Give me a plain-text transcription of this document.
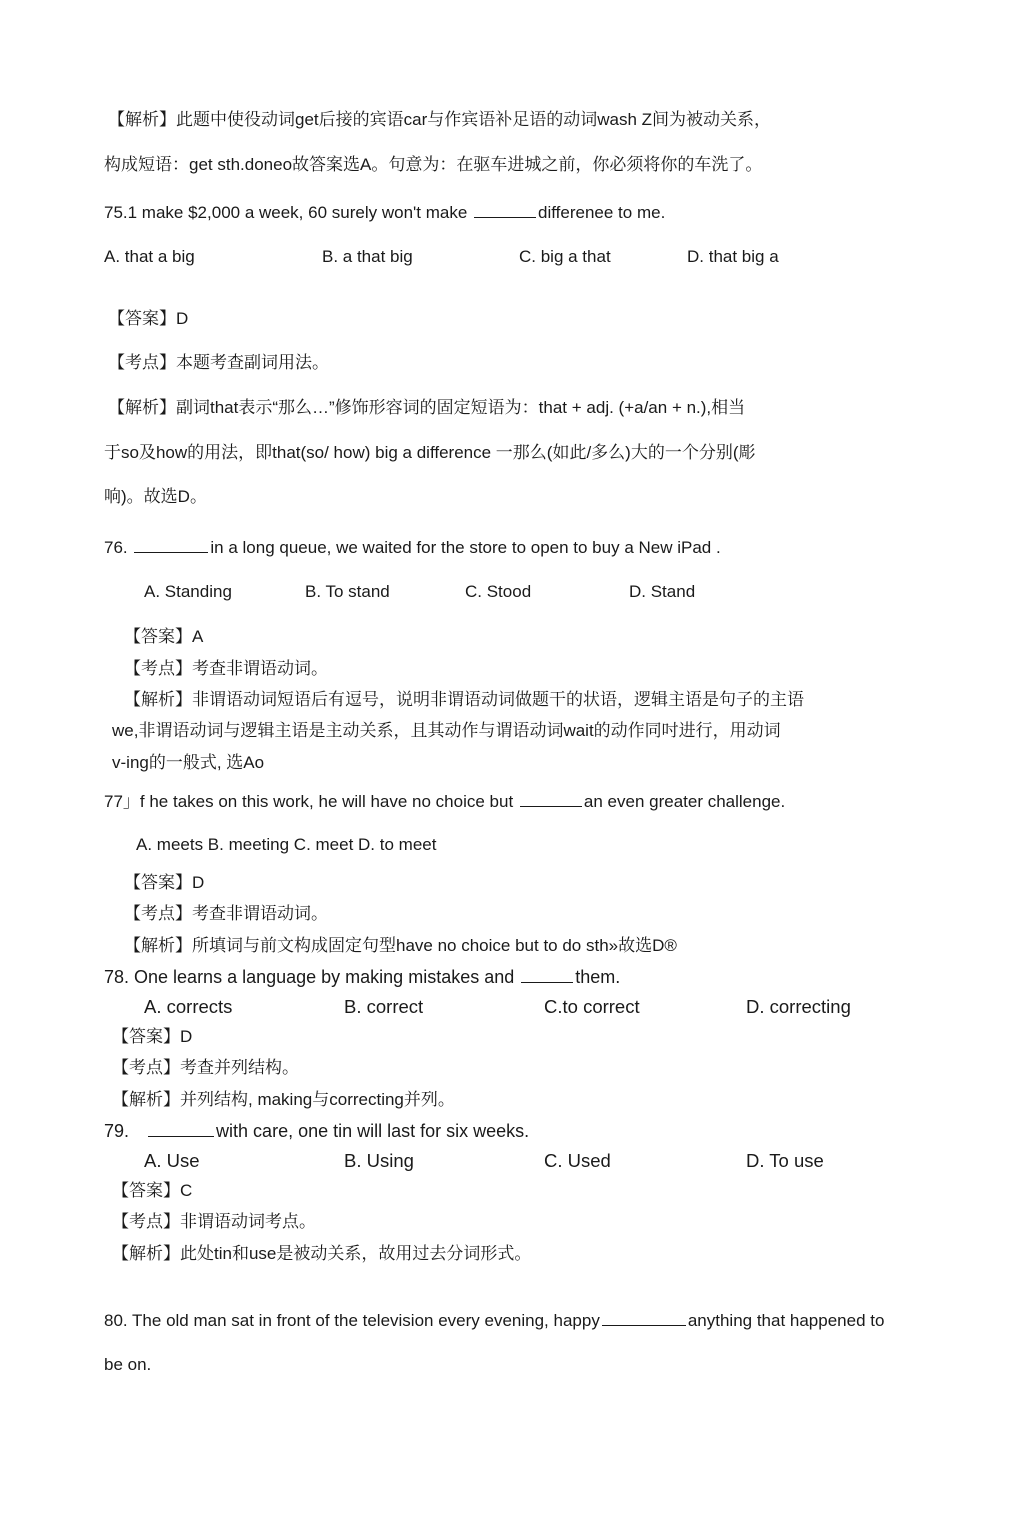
【解析】此题中使役动词get后接的宾语car与作宾语补足语的动词wash Z间为被动关系，
构成短语：get sth.doneo故答案选A。句意为：在驱车进城之前，你必须将你的车洗了。
75.1 make $2,000 a week, 60 surely won't make	differenee to me.
A. that a big	B. a that big	C. big a that	D. that big a
【答案】D
【考点】本题考查副词用法。
【解析】副词that表示“那么…”修饰形容词的固定短语为：that + adj. (+a/an + n.),相当
于so及how的用法，即that(so/ how) big a difference 一那么(如此/多么)大的一个分别(彫
响)。故选D。
76.	in a long queue, we waited for the store to open to buy a New iPad .
A. Standing	B. To stand	C. Stood	D. Stand
【答案】A
【考点】考查非谓语动词。
【解析】非谓语动词短语后有逗号，说明非谓语动词做题干的状语，逻辑主语是句子的主语
we,非谓语动词与逻辑主语是主动关系，且其动作与谓语动词wait的动作同吋进行，用动词
v-ing的一般式, 选Ao
77」f he takes on this work, he will have no choice but	an even greater challenge.
A. meets B. meeting C. meet D. to meet
【答案】D
【考点】考查非谓语动词。
【解析】所填词与前文构成固定句型have no choice but to do sth»故选D®
78. One learns a language by making mistakes and	them.
A. corrects	B. correct	C.to correct	D. correcting
【答案】D
【考点】考查并列结构。
【解析】并列结构, making与correcting并列。
79.	with care, one tin will last for six weeks.
A. Use	B. Using	C. Used	D. To use
【答案】C
【考点】非谓语动词考点。
【解析】此处tin和use是被动关系，故用过去分词形式。
80. The old man sat in front of the television every evening, happy	anything that happened to
be on.
